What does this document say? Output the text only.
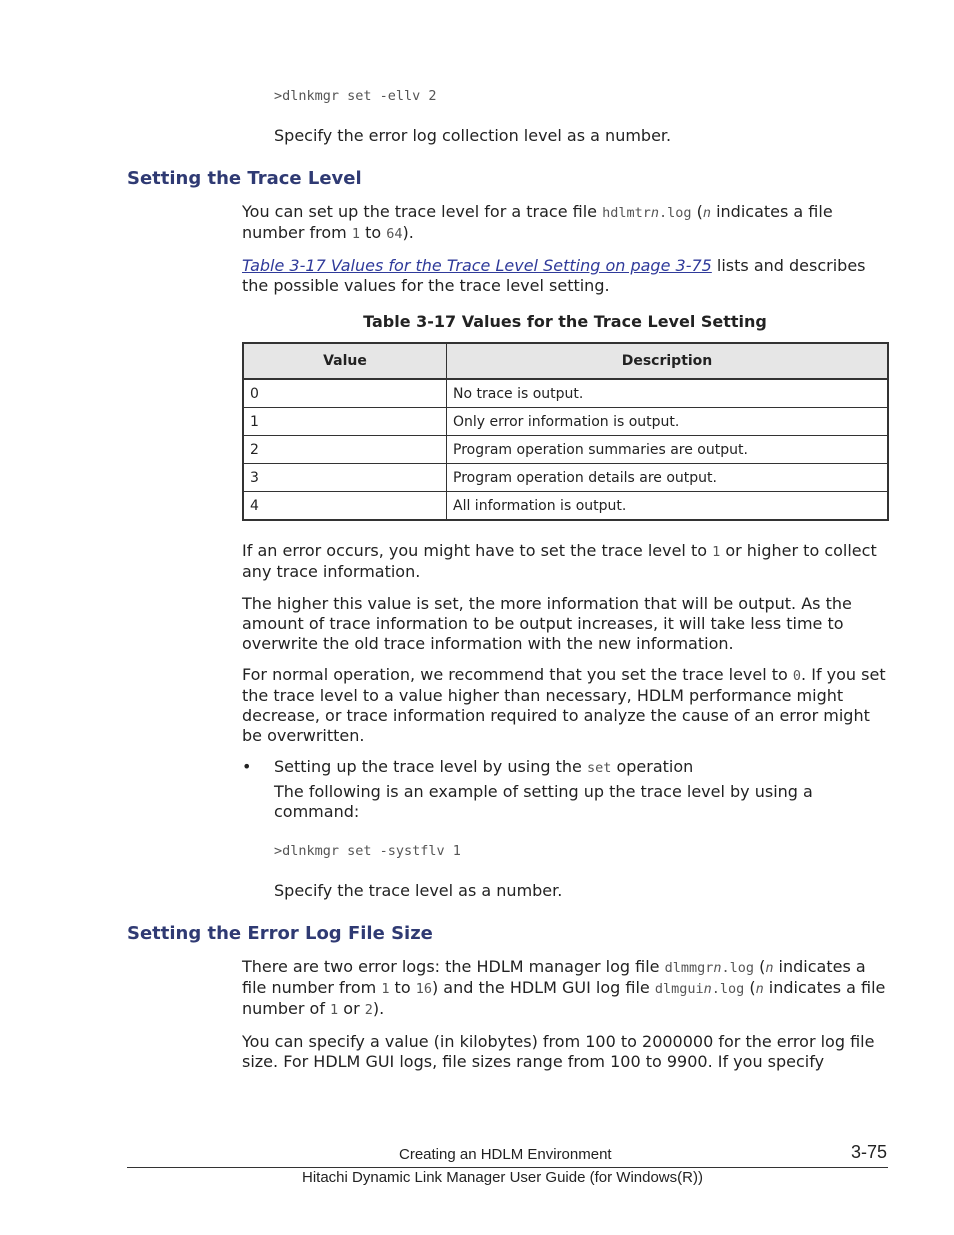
>dlnkmgr set -ellv 2

Specify the error log collection level as a number.

Setting the Trace Level

You can set up the trace level for a trace file hdlmtrn.log (n indicates a file number from 1 to 64).

Table 3-17 Values for the Trace Level Setting on page 3-75 lists and describes the possible values for the trace level setting.

Table 3-17 Values for the Trace Level Setting
Value	Description
0	No trace is output.
1	Only error information is output.
2	Program operation summaries are output.
3	Program operation details are output.
4	All information is output.

If an error occurs, you might have to set the trace level to 1 or higher to collect any trace information.

The higher this value is set, the more information that will be output. As the amount of trace information to be output increases, it will take less time to overwrite the old trace information with the new information.

For normal operation, we recommend that you set the trace level to 0. If you set the trace level to a value higher than necessary, HDLM performance might decrease, or trace information required to analyze the cause of an error might be overwritten.

• Setting up the trace level by using the set operation

The following is an example of setting up the trace level by using a command:

>dlnkmgr set -systflv 1

Specify the trace level as a number.

Setting the Error Log File Size

There are two error logs: the HDLM manager log file dlmmgrn.log (n indicates a file number from 1 to 16) and the HDLM GUI log file dlmguin.log (n indicates a file number of 1 or 2).

You can specify a value (in kilobytes) from 100 to 2000000 for the error log file size. For HDLM GUI logs, file sizes range from 100 to 9900. If you specify

Creating an HDLM Environment	3-75
Hitachi Dynamic Link Manager User Guide (for Windows(R))
